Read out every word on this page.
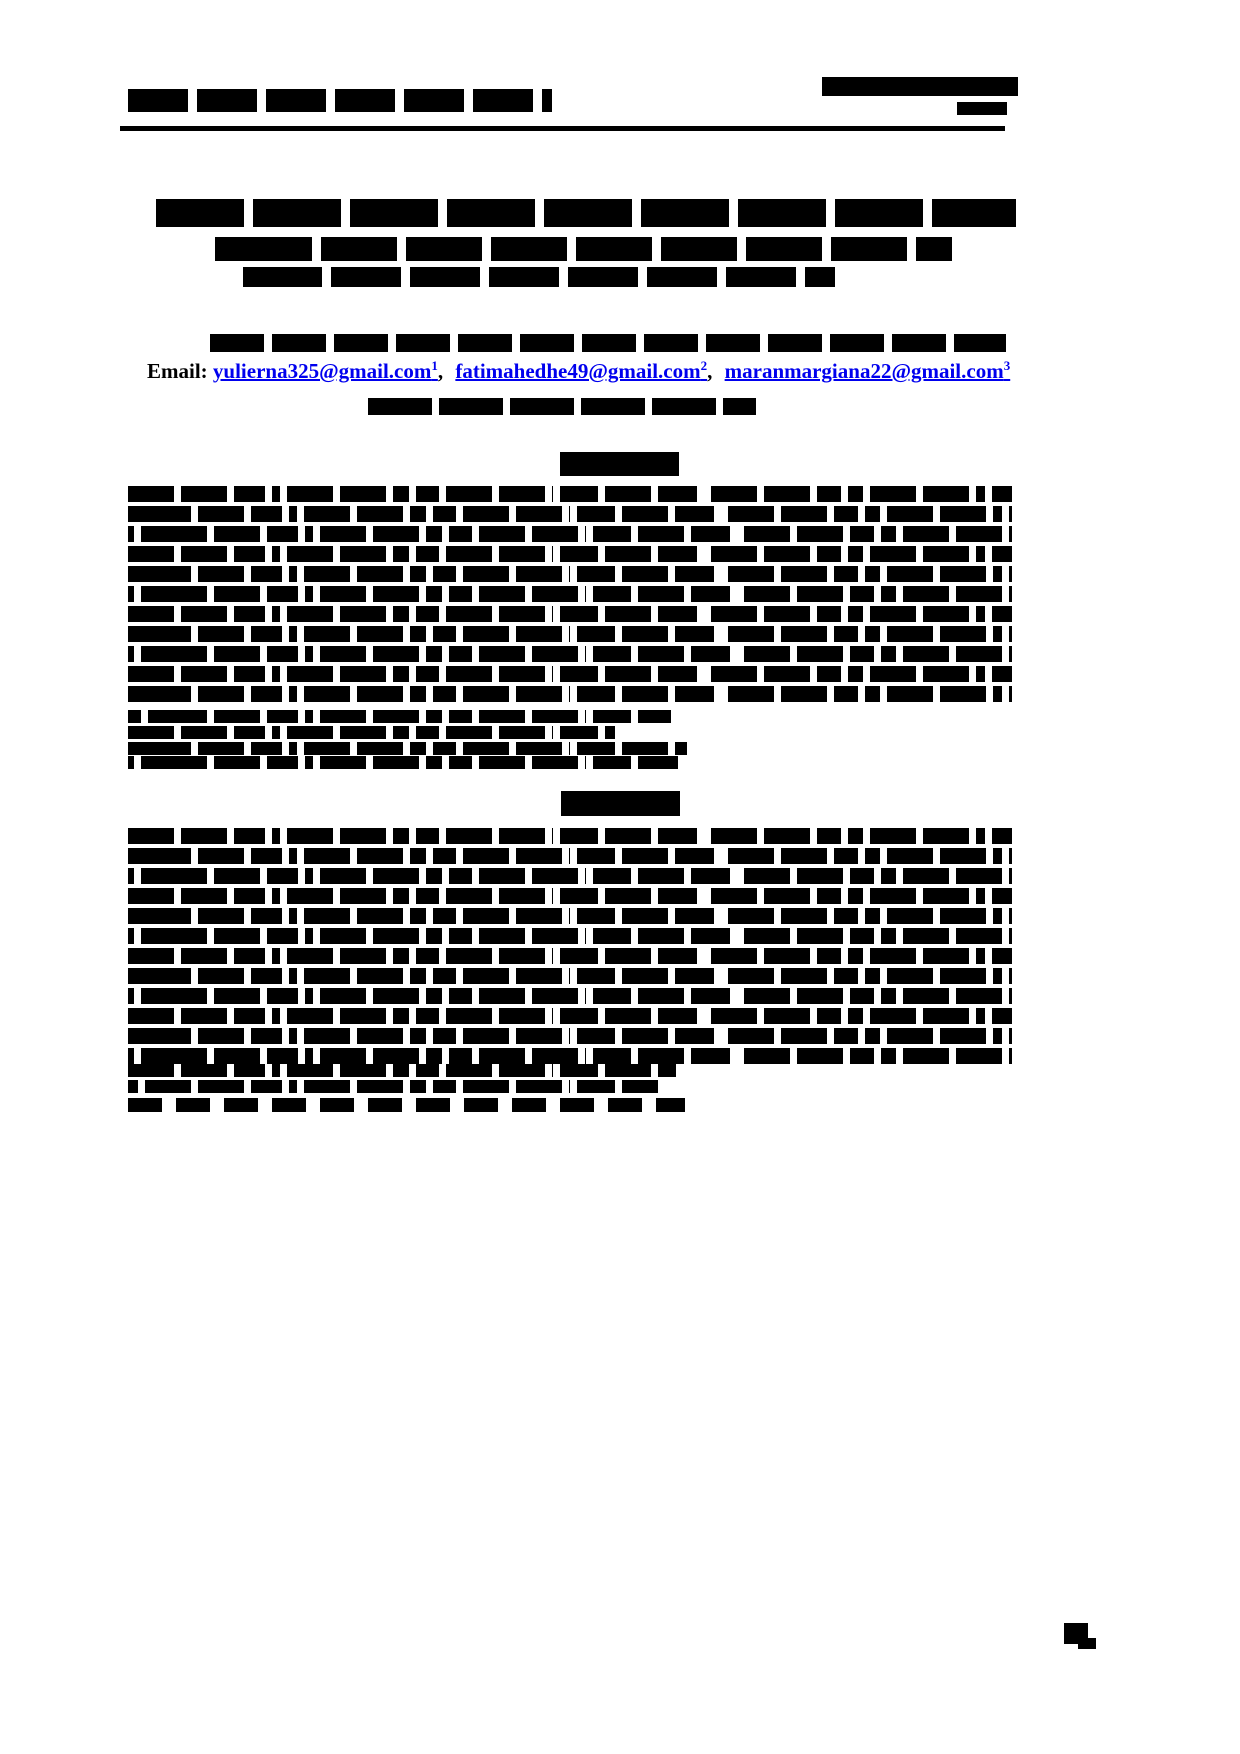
Email: yulierna325@gmail.com$^1$, fatimahedhe49@gmail.com$^2$, maranmargiana22@gmail.com$^3$
